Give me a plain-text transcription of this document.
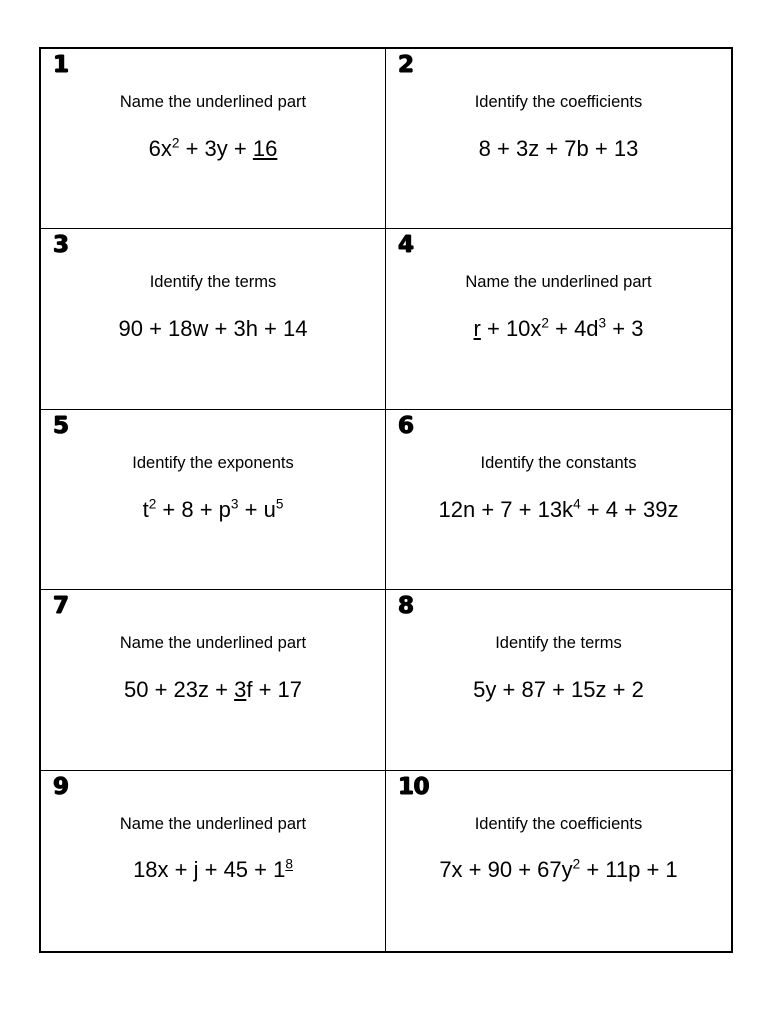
1
Name the underlined part
$6x^2 + 3y + 16$
2
Identify the coefficients
8 + 3z + 7b + 13
3
Identify the terms
90 + 18w + 3h + 14
4
Name the underlined part
$r + 10x^2 + 4d^3 + 3$
5
Identify the exponents
$t^2 + 8 + p^3 + u^5$
6
Identify the constants
$12n + 7 + 13k^4 + 4 + 39z$
7
Name the underlined part
50 + 23z + 3f + 17
8
Identify the terms
5y + 87 + 15z + 2
9
Name the underlined part
$18x + j + 45 + 1^8$
10
Identify the coefficients
$7x + 90 + 67y^2 + 11p + 1$
